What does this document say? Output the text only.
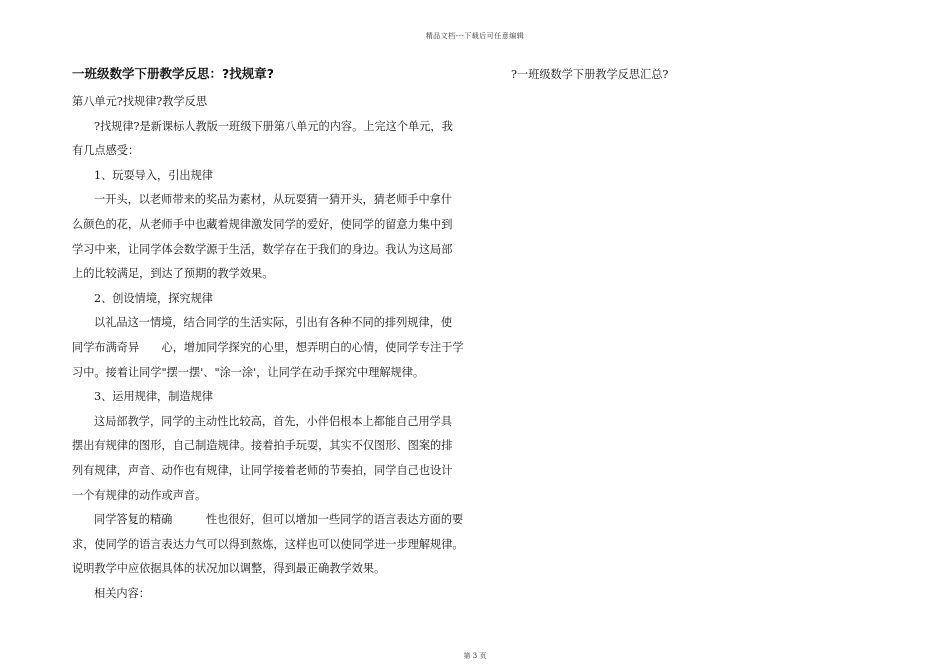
精品文档---下载后可任意编辑
一班级数学下册教学反思：?找规章?

第八单元?找规律?教学反思

?找规律?是新课标人教版一班级下册第八单元的内容。上完这个单元，我

有几点感受：

1、玩耍导入，引出规律

一开头，以老师带来的奖品为素材，从玩耍猜一猜开头，猜老师手中拿什

么颜色的花，从老师手中也藏着规律激发同学的爱好，使同学的留意力集中到

学习中来，让同学体会数学源于生活，数学存在于我们的身边。我认为这局部

上的比较满足，到达了预期的教学效果。

2、创设情境，探究规律

以礼品这一情境，结合同学的生活实际，引出有各种不同的排列规律，使

同学布满奇异　　心，增加同学探究的心里，想弄明白的心情，使同学专注于学

习中。接着让同学"摆一摆'、"涂一涂'，让同学在动手探究中理解规律。

3、运用规律，制造规律

这局部教学，同学的主动性比较高，首先，小伴侣根本上都能自己用学具

摆出有规律的图形，自己制造规律。接着拍手玩耍，其实不仅图形、图案的排

列有规律，声音、动作也有规律，让同学接着老师的节奏拍，同学自己也设计

一个有规律的动作或声音。

同学答复的精确　　　性也很好，但可以增加一些同学的语言表达方面的要

求，使同学的语言表达力气可以得到熬炼，这样也可以使同学进一步理解规律。

说明教学中应依据具体的状况加以调整，得到最正确教学效果。

相关内容：

?一班级数学下册教学反思汇总?
第 3 页
